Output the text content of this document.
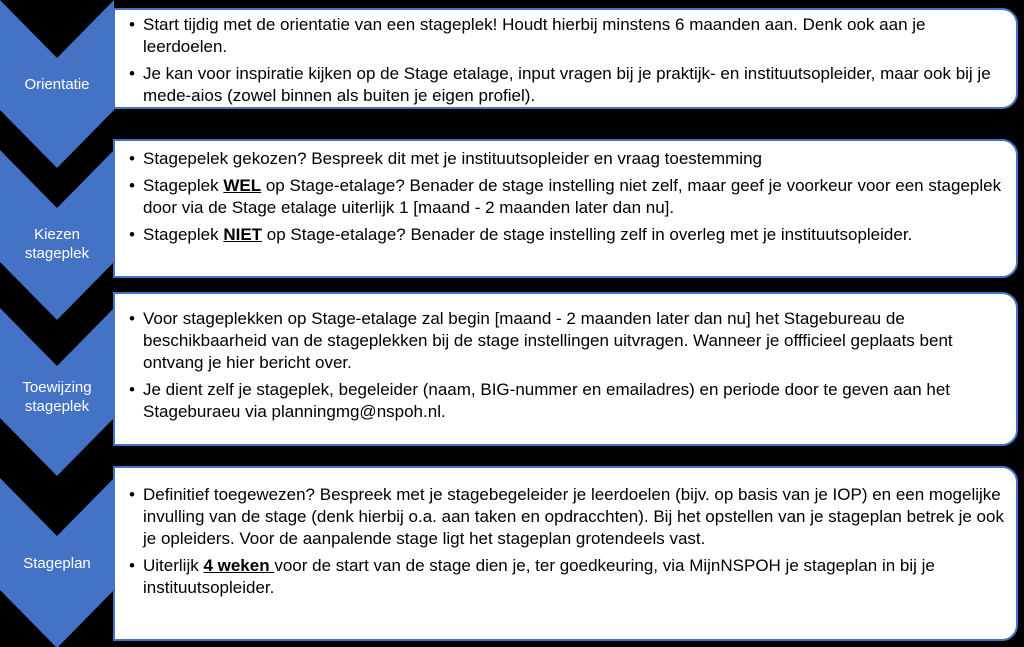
Orientatie
Kiezen
stageplek
Toewijzing
stageplek
Stageplan
• Start tijdig met de orientatie van een stageplek! Houdt hierbij minstens 6 maanden aan. Denk ook aan je leerdoelen.
• Je kan voor inspiratie kijken op de Stage etalage, input vragen bij je praktijk- en instituutsopleider, maar ook bij je mede-aios (zowel binnen als buiten je eigen profiel).
• Stagepelek gekozen? Bespreek dit met je instituutsopleider en vraag toestemming
• Stageplek WEL op Stage-etalage? Benader de stage instelling niet zelf, maar geef je voorkeur voor een stageplek door via de Stage etalage uiterlijk 1 [maand - 2 maanden later dan nu].
• Stageplek NIET op Stage-etalage? Benader de stage instelling zelf in overleg met je instituutsopleider.
• Voor stageplekken op Stage-etalage zal begin [maand - 2 maanden later dan nu] het Stagebureau de beschikbaarheid van de stageplekken bij de stage instellingen uitvragen. Wanneer je offficieel geplaats bent ontvang je hier bericht over.
• Je dient zelf je stageplek, begeleider (naam, BIG-nummer en emailadres) en periode door te geven aan het Stageburaeu via planningmg@nspoh.nl.
• Definitief toegewezen? Bespreek met je stagebegeleider je leerdoelen (bijv. op basis van je IOP) en een mogelijke invulling van de stage (denk hierbij o.a. aan taken en opdracchten). Bij het opstellen van je stageplan betrek je ook je opleiders. Voor de aanpalende stage ligt het stageplan grotendeels vast.
• Uiterlijk 4 weken voor de start van de stage dien je, ter goedkeuring, via MijnNSPOH je stageplan in bij je instituutsopleider.
